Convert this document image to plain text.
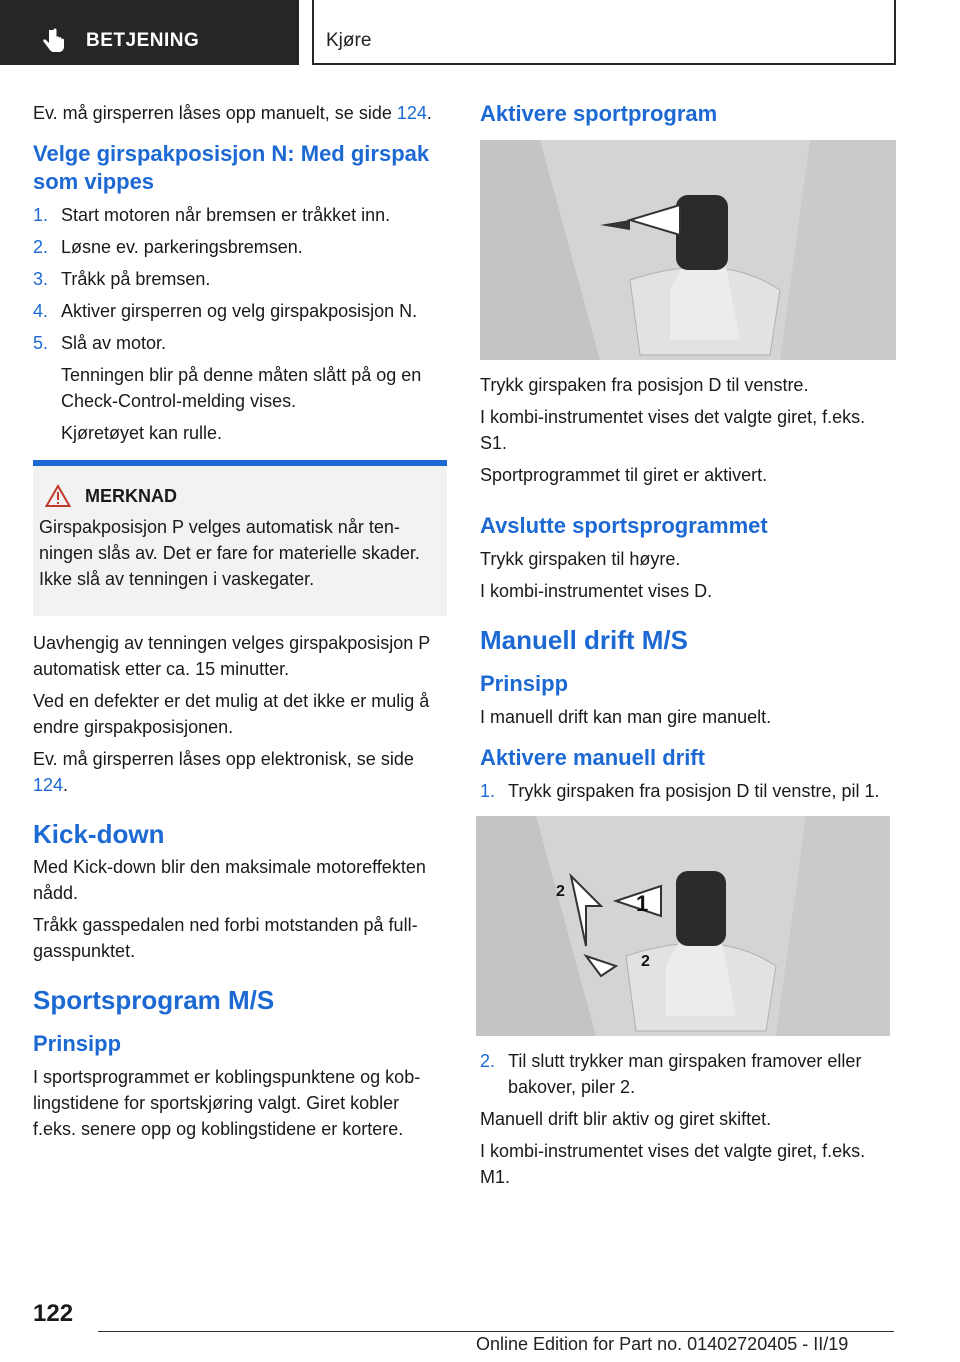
BETJENING	Kjøre

Ev. må girsperren låses opp manuelt, se side 124.

Velge girspakposisjon N: Med girspak som vippes
1. Start motoren når bremsen er tråkket inn.
2. Løsne ev. parkeringsbremsen.
3. Tråkk på bremsen.
4. Aktiver girsperren og velg girspakposisjon N.
5. Slå av motor.
Tenningen blir på denne måten slått på og en Check-Control-melding vises.
Kjøretøyet kan rulle.
MERKNAD

Girspakposisjon P velges automatisk når tenningen slås av. Det er fare for materielle skader. Ikke slå av tenningen i vaskegater.

Uavhengig av tenningen velges girspakposisjon P automatisk etter ca. 15 minutter.

Ved en defekter er det mulig at det ikke er mulig å endre girspakposisjonen.

Ev. må girsperren låses opp elektronisk, se side 124.

Kick-down

Med Kick-down blir den maksimale motoreffekten nådd.

Tråkk gasspedalen ned forbi motstanden på fullgasspunktet.

Sportsprogram M/S
Prinsipp

I sportsprogrammet er koblingspunktene og koblingstidene for sportskjøring valgt. Giret kobler f.eks. senere opp og koblingstidene er kortere.

Aktivere sportprogram

Trykk girspaken fra posisjon D til venstre.

I kombi-instrumentet vises det valgte giret, f.eks. S1.

Sportprogrammet til giret er aktivert.

Avslutte sportsprogrammet

Trykk girspaken til høyre.

I kombi-instrumentet vises D.

Manuell drift M/S
Prinsipp

I manuell drift kan man gire manuelt.

Aktivere manuell drift
1. Trykk girspaken fra posisjon D til venstre, pil 1.
1
2
2
2. Til slutt trykker man girspaken framover eller bakover, piler 2.

Manuell drift blir aktiv og giret skiftet.

I kombi-instrumentet vises det valgte giret, f.eks. M1.

122
Online Edition for Part no. 01402720405 - II/19
